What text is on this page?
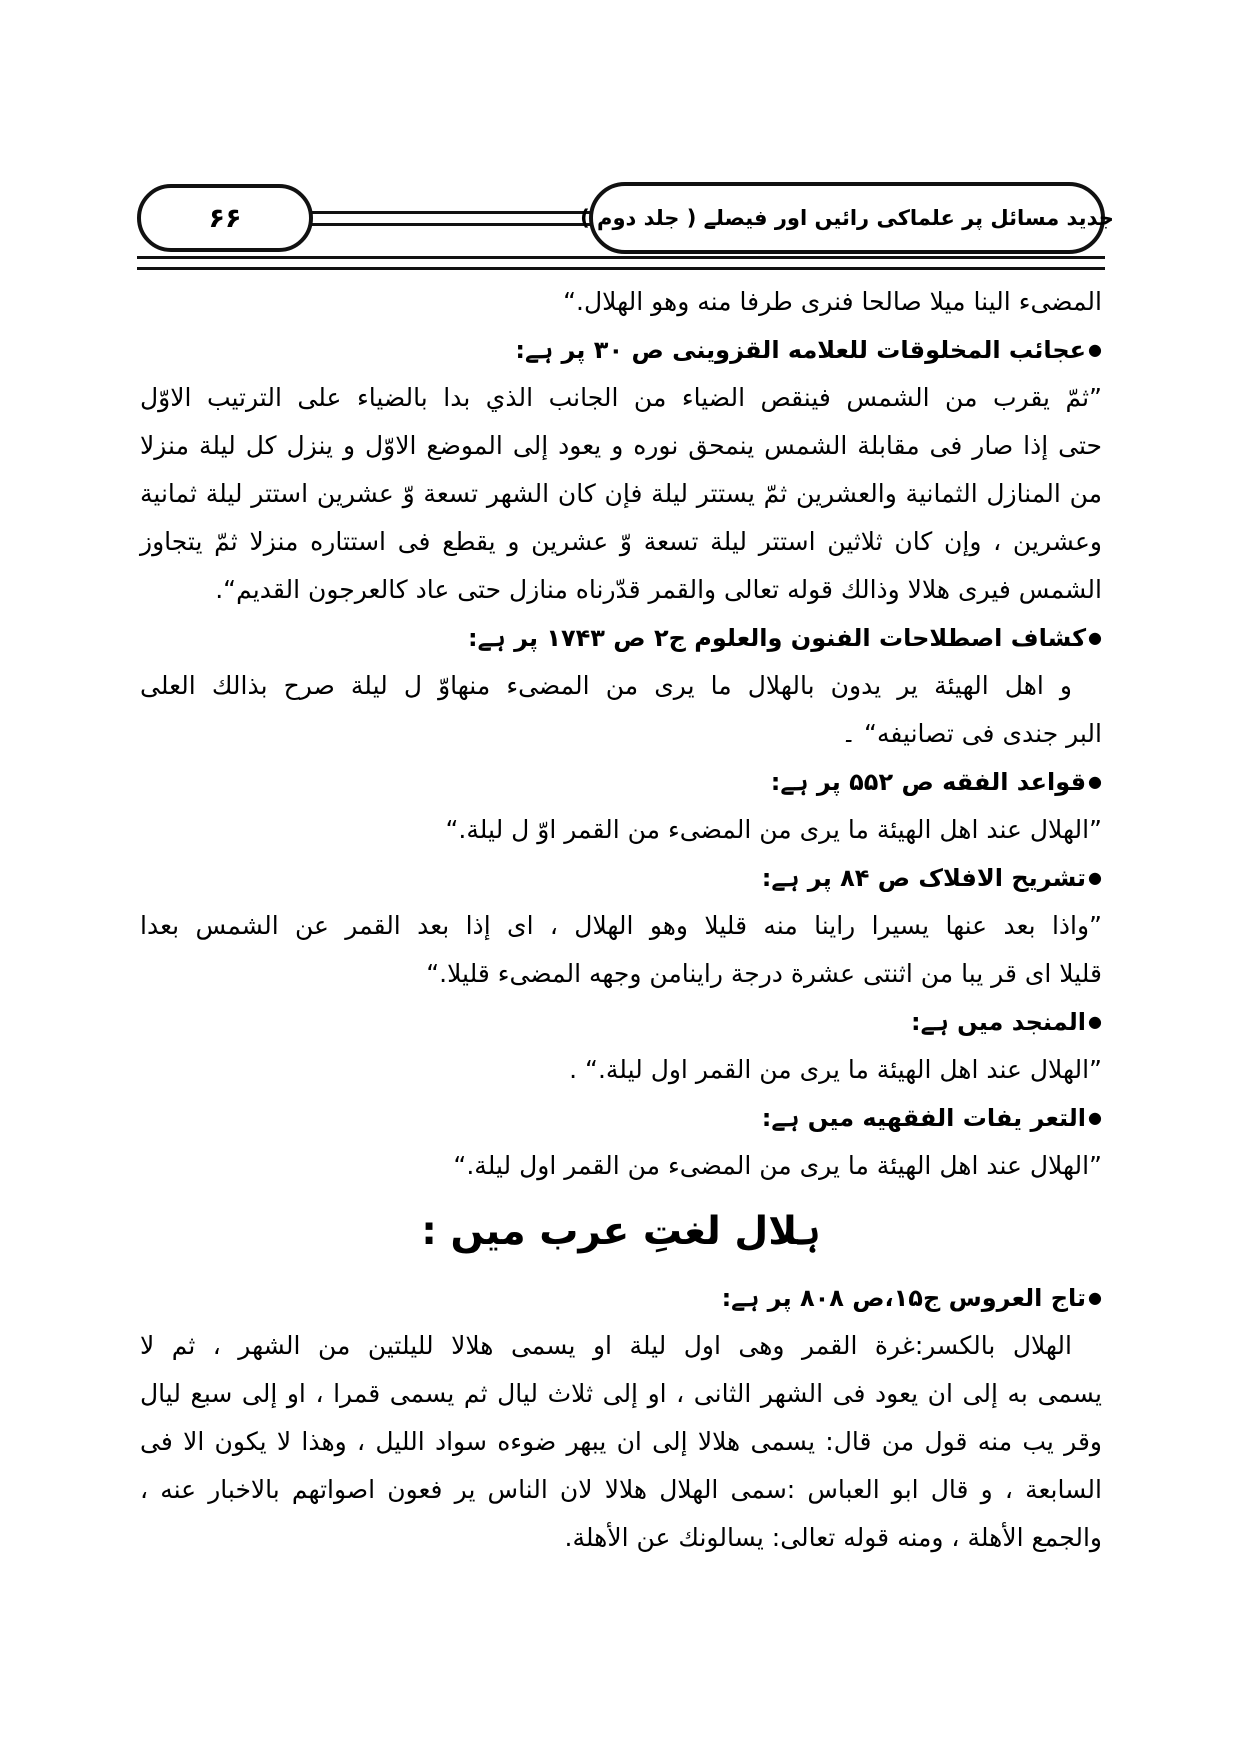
۶۶	جدید مسائل پر علماکی رائیں اور فیصلے ( جلد دوم )
المضىء الينا ميلا صالحا فنرى طرفا منه وهو الهلال.“
●عجائب المخلوقات للعلامه القزوینی ص ۳۰ پر ہے:
”ثمّ يقرب من الشمس فينقص الضياء من الجانب الذي بدا بالضياء على الترتيب الاوّل
حتى إذا صار فى مقابلة الشمس ينمحق نوره و يعود إلى الموضع الاوّل و ينزل كل ليلة منزلا
من المنازل الثمانية والعشرين ثمّ يستتر ليلة فإن كان الشهر تسعة وّ عشرين استتر ليلة ثمانية
وعشرين ، وإن كان ثلاثين استتر ليلة تسعة وّ عشرين و يقطع فى استتاره منزلا ثمّ يتجاوز
الشمس فيرى هلالا وذالك قوله تعالى والقمر قدّرناه منازل حتى عاد كالعرجون القديم“.
●کشاف اصطلاحات الفنون والعلوم ج۲ ص ۱۷۴۳ پر ہے:
و اهل الهيئة ير يدون بالهلال ما يرى من المضىء منهاوّ ل ليلة صرح بذالك العلى
البر جندى فى تصانيفه“ ۔
●قواعد الفقه ص ۵۵۲ پر ہے:
”الهلال عند اهل الهيئة ما يرى من المضىء من القمر اوّ ل ليلة.“
●تشریح الافلاک ص ۸۴ پر ہے:
”واذا بعد عنها يسيرا راينا منه قليلا وهو الهلال ، اى إذا بعد القمر عن الشمس بعدا
قليلا اى قر يبا من اثنتى عشرة درجة راينامن وجهه المضىء قليلا.“
●المنجد میں ہے:
”الهلال عند اهل الهيئة ما يرى من القمر اول ليلة.“ .
●التعر یفات الفقهیه میں ہے:
”الهلال عند اهل الهيئة ما يرى من المضىء من القمر اول ليلة.“
ہلال لغتِ عرب میں :
●تاج العروس ج۱۵،ص ۸۰۸ پر ہے:
الهلال بالكسر:غرة القمر وهى اول ليلة او يسمى هلالا لليلتين من الشهر ، ثم لا
يسمى به إلى ان يعود فى الشهر الثانى ، او إلى ثلاث ليال ثم يسمى قمرا ، او إلى سبع ليال
وقر يب منه قول من قال: يسمى هلالا إلى ان يبهر ضوءه سواد الليل ، وهذا لا يكون الا فى
السابعة ، و قال ابو العباس :سمی الهلال هلالا لان الناس ير فعون اصواتهم بالاخبار عنه ،
والجمع الأهلة ، ومنه قوله تعالى: يسالونك عن الأهلة.
